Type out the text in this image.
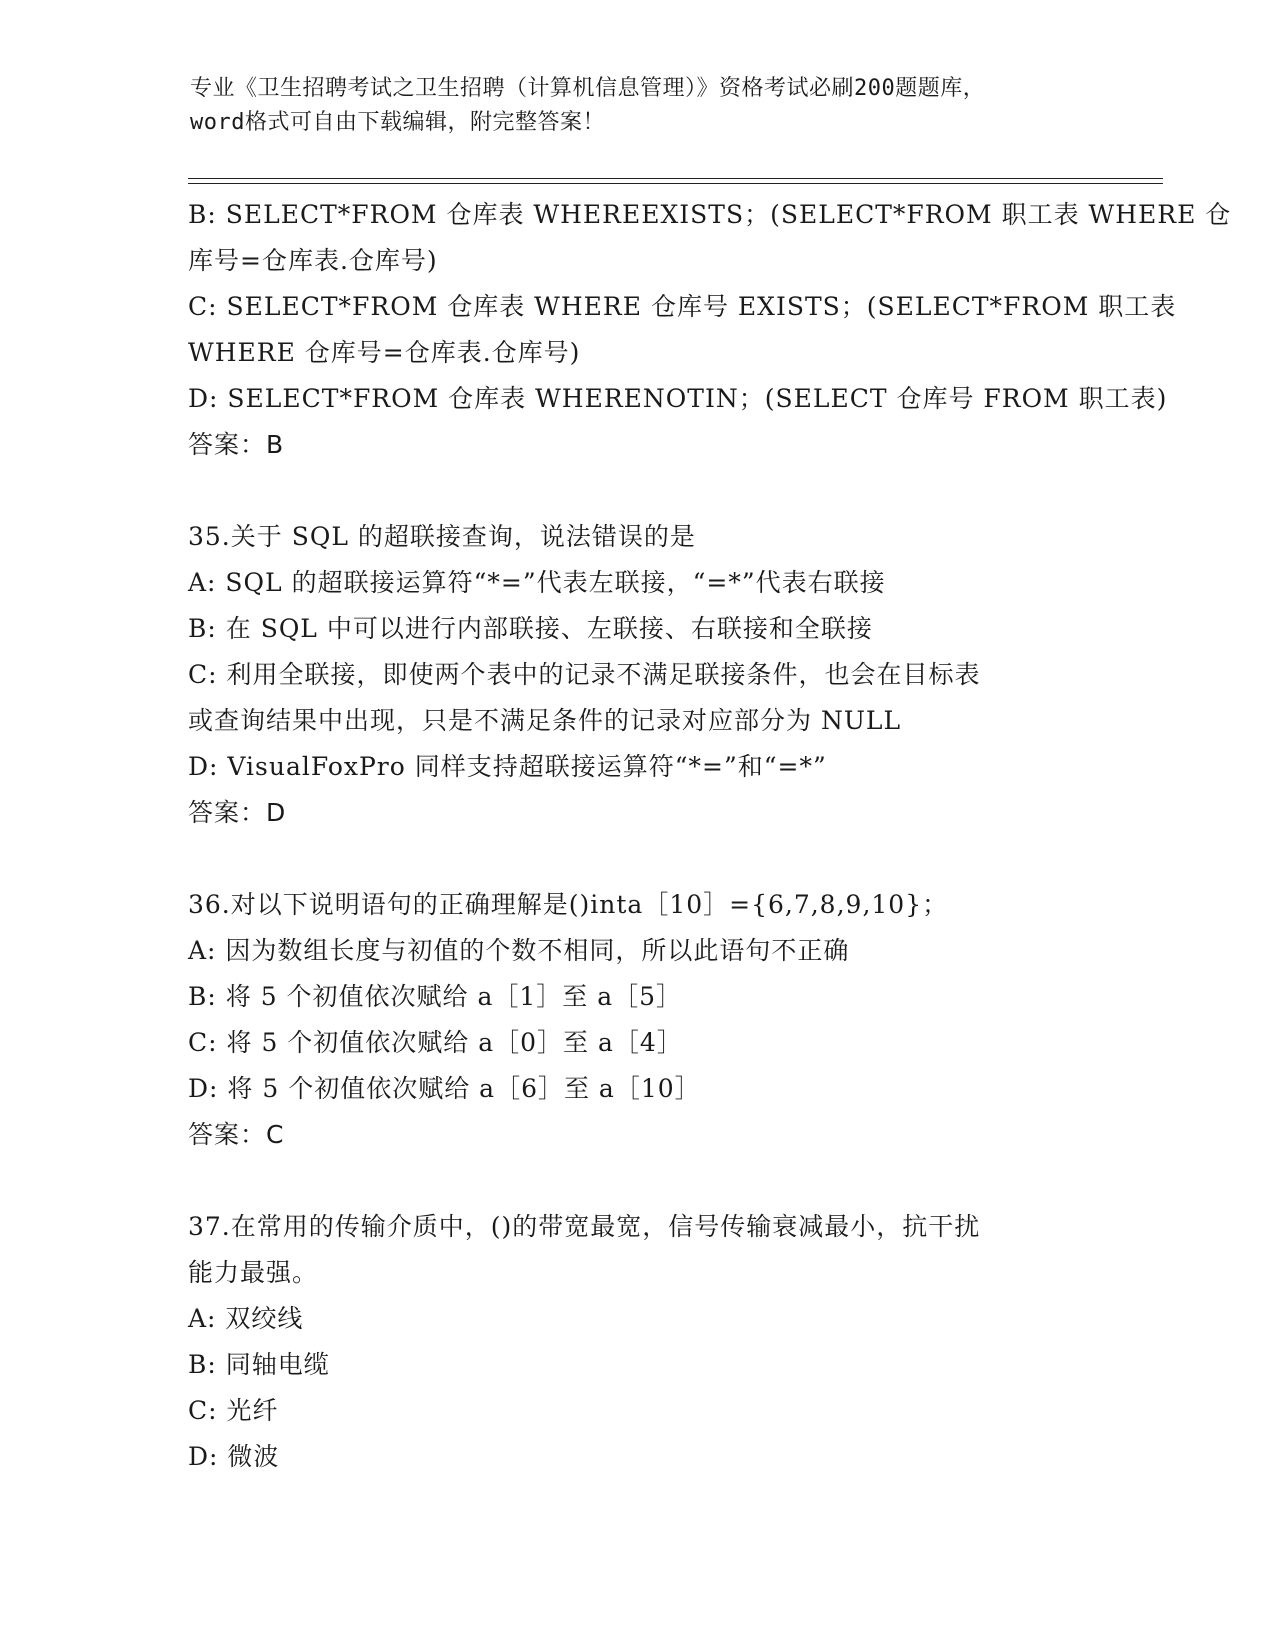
专业《卫生招聘考试之卫生招聘（计算机信息管理）》资格考试必刷200题题库，
word格式可自由下载编辑，附完整答案！
B: SELECT*FROM 仓库表 WHEREEXISTS；(SELECT*FROM 职工表 WHERE 仓
库号=仓库表.仓库号)
C: SELECT*FROM 仓库表 WHERE 仓库号 EXISTS；(SELECT*FROM 职工表
WHERE 仓库号=仓库表.仓库号)
D: SELECT*FROM 仓库表 WHERENOTIN；(SELECT 仓库号 FROM 职工表)
答案：B
35.关于 SQL 的超联接查询，说法错误的是
A: SQL 的超联接运算符“*=”代表左联接，“=*”代表右联接
B: 在 SQL 中可以进行内部联接、左联接、右联接和全联接
C: 利用全联接，即使两个表中的记录不满足联接条件，也会在目标表
或查询结果中出现，只是不满足条件的记录对应部分为 NULL
D: VisualFoxPro 同样支持超联接运算符“*=”和“=*”
答案：D
36.对以下说明语句的正确理解是()inta［10］={6,7,8,9,10}；
A: 因为数组长度与初值的个数不相同，所以此语句不正确
B: 将 5 个初值依次赋给 a［1］至 a［5］
C: 将 5 个初值依次赋给 a［0］至 a［4］
D: 将 5 个初值依次赋给 a［6］至 a［10］
答案：C
37.在常用的传输介质中，()的带宽最宽，信号传输衰减最小，抗干扰
能力最强。
A: 双绞线
B: 同轴电缆
C: 光纤
D: 微波
